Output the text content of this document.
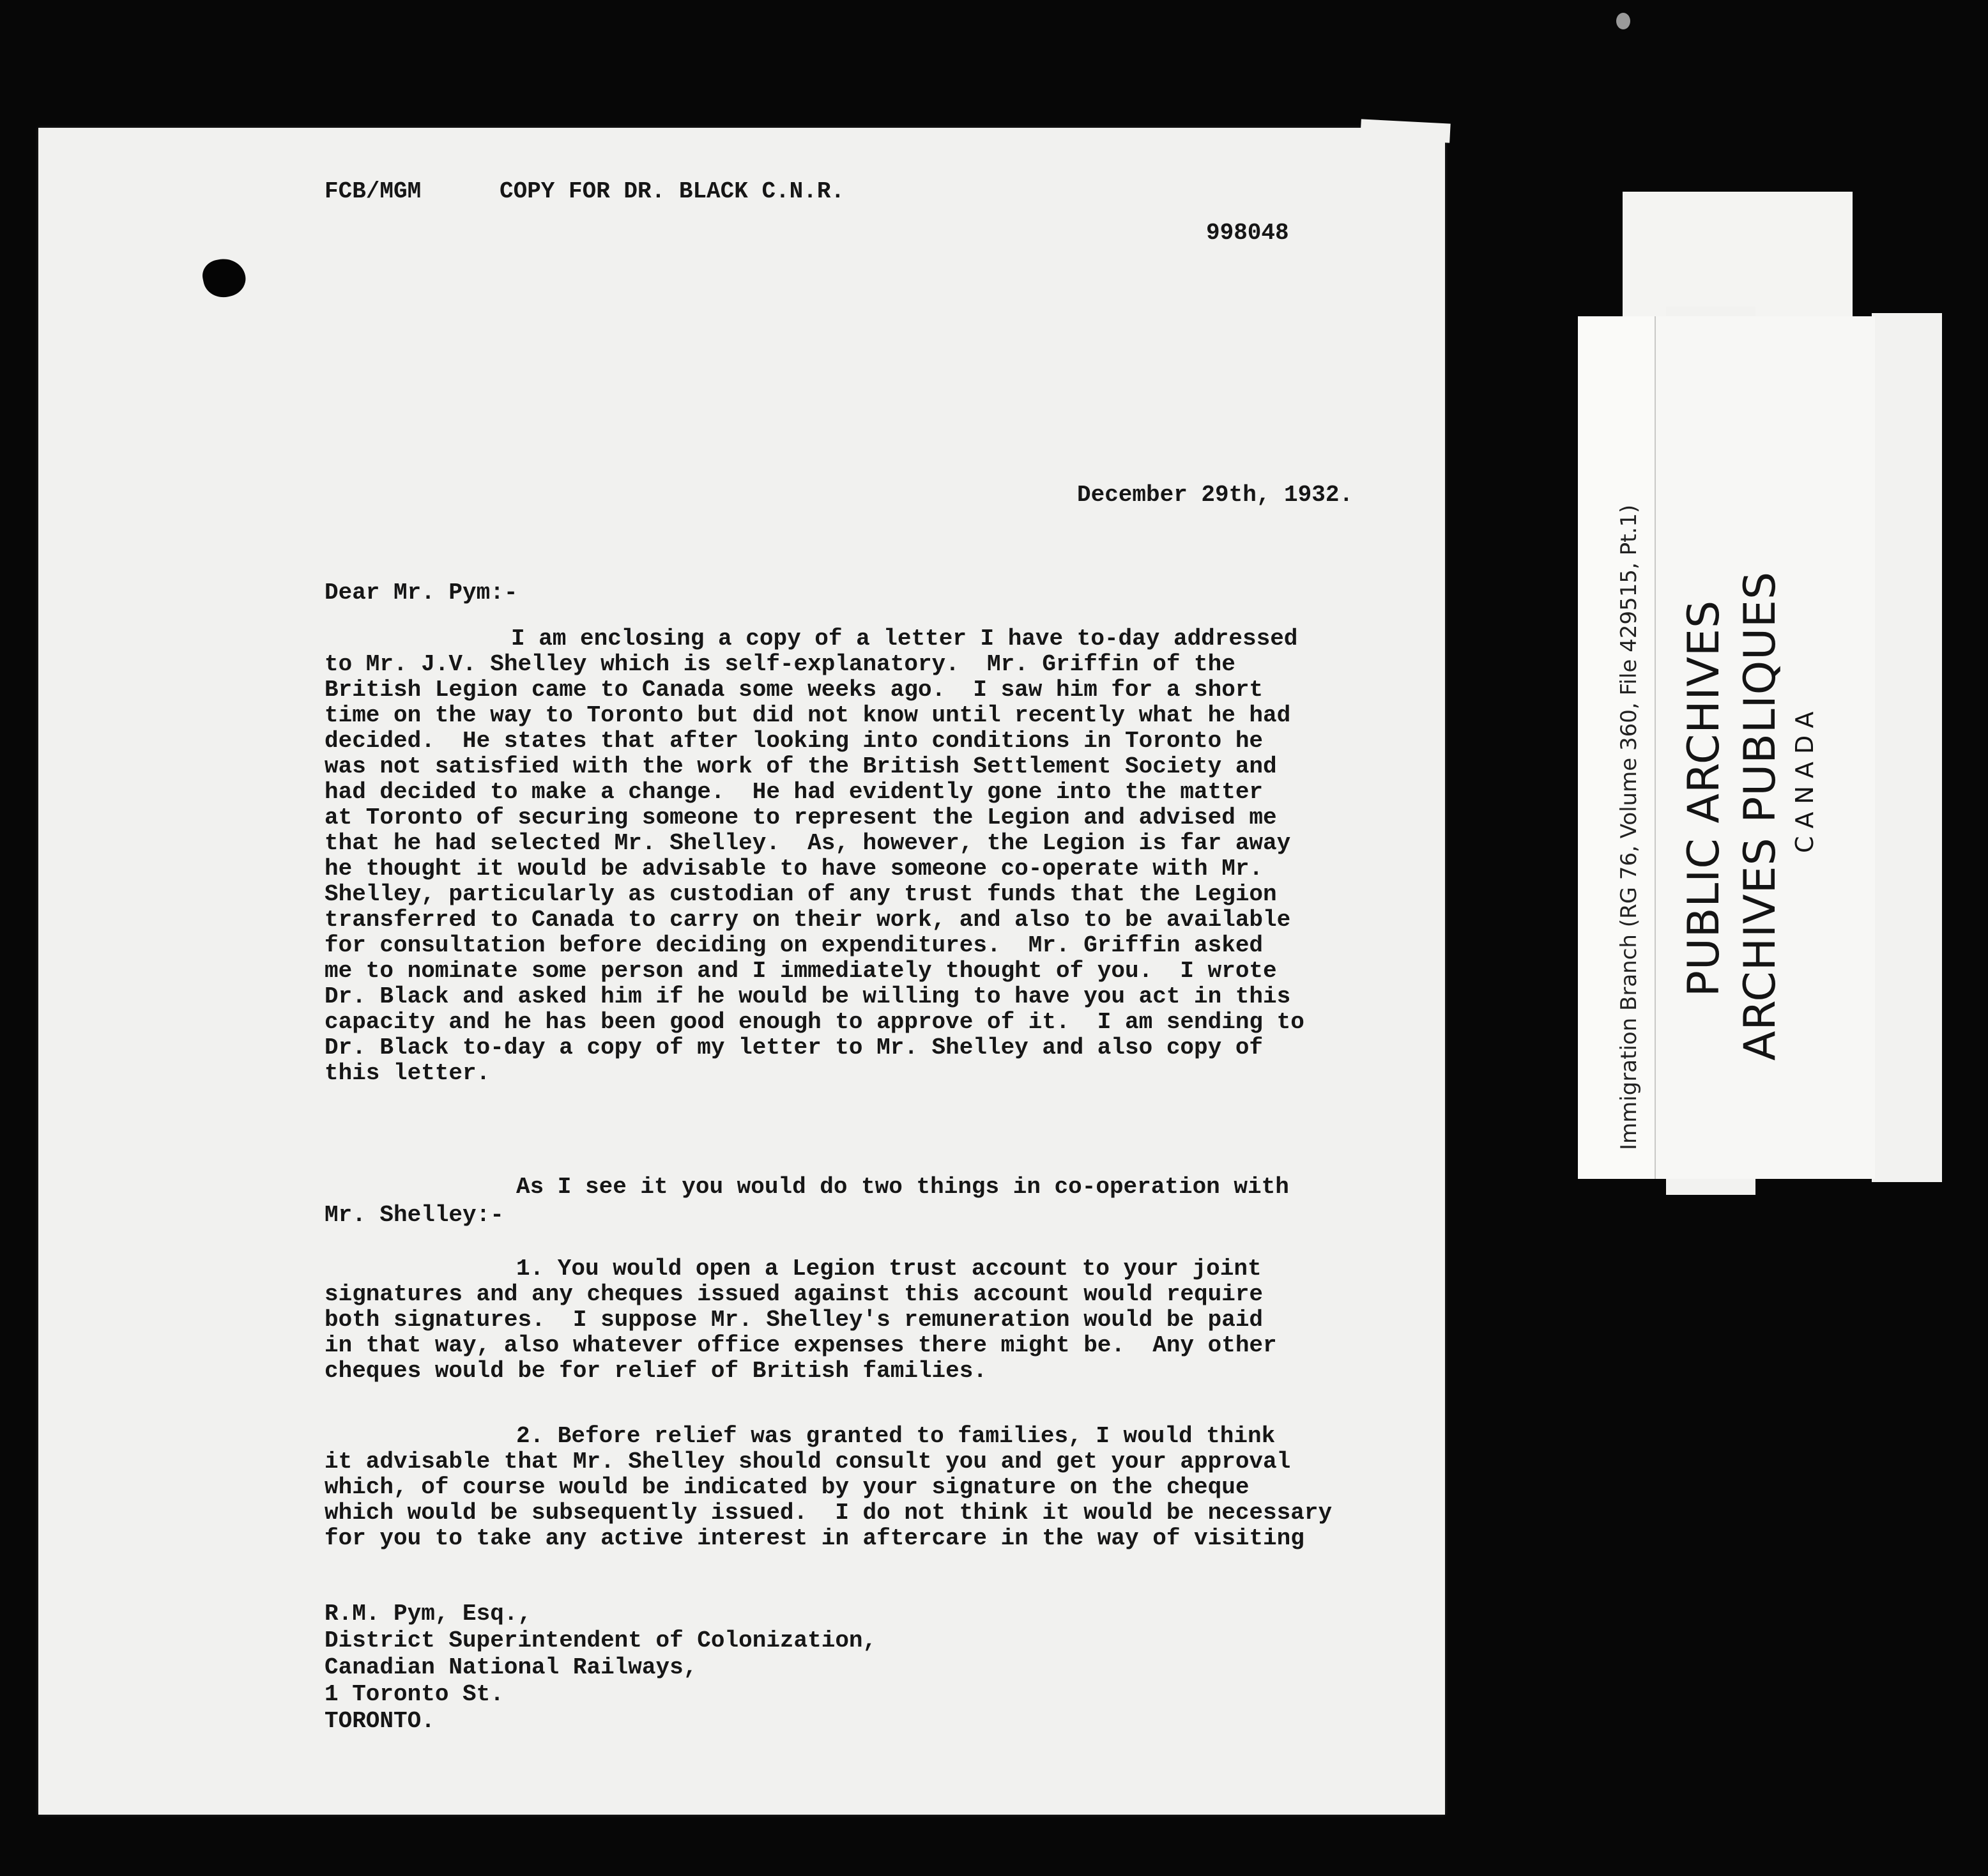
FCB/MGM	COPY FOR DR. BLACK C.N.R.
998048
December 29th, 1932.
Dear Mr. Pym:-
I am enclosing a copy of a letter I have to-day addressed
to Mr. J.V. Shelley which is self-explanatory.  Mr. Griffin of the
British Legion came to Canada some weeks ago.  I saw him for a short
time on the way to Toronto but did not know until recently what he had
decided.  He states that after looking into conditions in Toronto he
was not satisfied with the work of the British Settlement Society and
had decided to make a change.  He had evidently gone into the matter
at Toronto of securing someone to represent the Legion and advised me
that he had selected Mr. Shelley.  As, however, the Legion is far away
he thought it would be advisable to have someone co-operate with Mr.
Shelley, particularly as custodian of any trust funds that the Legion
transferred to Canada to carry on their work, and also to be available
for consultation before deciding on expenditures.  Mr. Griffin asked
me to nominate some person and I immediately thought of you.  I wrote
Dr. Black and asked him if he would be willing to have you act in this
capacity and he has been good enough to approve of it.  I am sending to
Dr. Black to-day a copy of my letter to Mr. Shelley and also copy of
this letter.
As I see it you would do two things in co-operation with
Mr. Shelley:-
1. You would open a Legion trust account to your joint
signatures and any cheques issued against this account would require
both signatures.  I suppose Mr. Shelley's remuneration would be paid
in that way, also whatever office expenses there might be.  Any other
cheques would be for relief of British families.
2. Before relief was granted to families, I would think
it advisable that Mr. Shelley should consult you and get your approval
which, of course would be indicated by your signature on the cheque
which would be subsequently issued.  I do not think it would be necessary
for you to take any active interest in aftercare in the way of visiting
R.M. Pym, Esq.,
District Superintendent of Colonization,
Canadian National Railways,
1 Toronto St.
TORONTO.
Immigration Branch (RG 76, Volume 360, File 429515, Pt.1) PUBLIC ARCHIVES ARCHIVES PUBLIQUES CANADA
